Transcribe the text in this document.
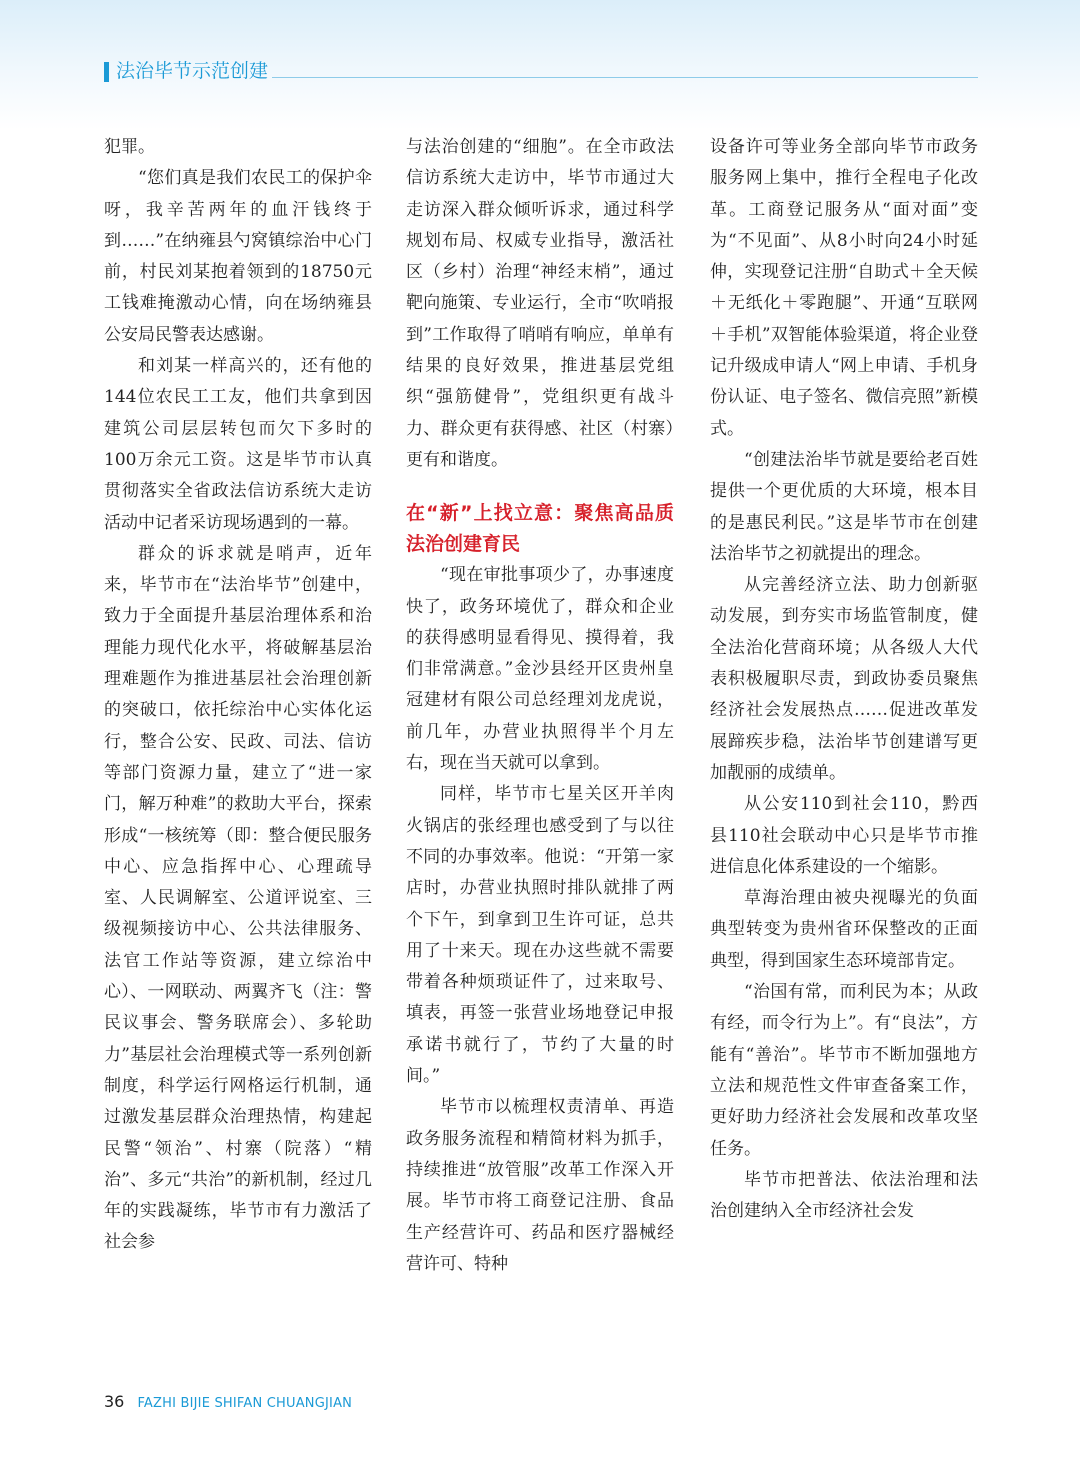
法治毕节示范创建

犯罪。

“您们真是我们农民工的保护伞呀，我辛苦两年的血汗钱终于到……”在纳雍县勺窝镇综治中心门前，村民刘某抱着领到的18750元工钱难掩激动心情，向在场纳雍县公安局民警表达感谢。

和刘某一样高兴的，还有他的144位农民工工友，他们共拿到因建筑公司层层转包而欠下多时的100万余元工资。这是毕节市认真贯彻落实全省政法信访系统大走访活动中记者采访现场遇到的一幕。

群众的诉求就是哨声，近年来，毕节市在“法治毕节”创建中，致力于全面提升基层治理体系和治理能力现代化水平，将破解基层治理难题作为推进基层社会治理创新的突破口，依托综治中心实体化运行，整合公安、民政、司法、信访等部门资源力量，建立了“进一家门，解万种难”的救助大平台，探索形成“一核统筹（即：整合便民服务中心、应急指挥中心、心理疏导室、人民调解室、公道评说室、三级视频接访中心、公共法律服务、法官工作站等资源，建立综治中心）、一网联动、两翼齐飞（注：警民议事会、警务联席会）、多轮助力”基层社会治理模式等一系列创新制度，科学运行网格运行机制，通过激发基层群众治理热情，构建起民警“领治”、村寨（院落）“精治”、多元“共治”的新机制，经过几年的实践凝练，毕节市有力激活了社会参

与法治创建的“细胞”。在全市政法信访系统大走访中，毕节市通过大走访深入群众倾听诉求，通过科学规划布局、权威专业指导，激活社区（乡村）治理“神经末梢”，通过靶向施策、专业运行，全市“吹哨报到”工作取得了哨哨有响应，单单有结果的良好效果，推进基层党组织“强筋健骨”，党组织更有战斗力、群众更有获得感、社区（村寨）更有和谐度。

在“新”上找立意：聚焦高品质法治创建育民

“现在审批事项少了，办事速度快了，政务环境优了，群众和企业的获得感明显看得见、摸得着，我们非常满意。”金沙县经开区贵州皇冠建材有限公司总经理刘龙虎说，前几年，办营业执照得半个月左右，现在当天就可以拿到。

同样，毕节市七星关区开羊肉火锅店的张经理也感受到了与以往不同的办事效率。他说：“开第一家店时，办营业执照时排队就排了两个下午，到拿到卫生许可证，总共用了十来天。现在办这些就不需要带着各种烦琐证件了，过来取号、填表，再签一张营业场地登记申报承诺书就行了，节约了大量的时间。”

毕节市以梳理权责清单、再造政务服务流程和精简材料为抓手，持续推进“放管服”改革工作深入开展。毕节市将工商登记注册、食品生产经营许可、药品和医疗器械经营许可、特种

设备许可等业务全部向毕节市政务服务网上集中，推行全程电子化改革。工商登记服务从“面对面”变为“不见面”、从8小时向24小时延伸，实现登记注册“自助式＋全天候＋无纸化＋零跑腿”、开通“互联网＋手机”双智能体验渠道，将企业登记升级成申请人“网上申请、手机身份认证、电子签名、微信亮照”新模式。

“创建法治毕节就是要给老百姓提供一个更优质的大环境，根本目的是惠民利民。”这是毕节市在创建法治毕节之初就提出的理念。

从完善经济立法、助力创新驱动发展，到夯实市场监管制度，健全法治化营商环境；从各级人大代表积极履职尽责，到政协委员聚焦经济社会发展热点……促进改革发展蹄疾步稳，法治毕节创建谱写更加靓丽的成绩单。

从公安110到社会110，黔西县110社会联动中心只是毕节市推进信息化体系建设的一个缩影。

草海治理由被央视曝光的负面典型转变为贵州省环保整改的正面典型，得到国家生态环境部肯定。

“治国有常，而利民为本；从政有经，而令行为上”。有“良法”，方能有“善治”。毕节市不断加强地方立法和规范性文件审查备案工作，更好助力经济社会发展和改革攻坚任务。

毕节市把普法、依法治理和法治创建纳入全市经济社会发

36 FAZHI BIJIE SHIFAN CHUANGJIAN
